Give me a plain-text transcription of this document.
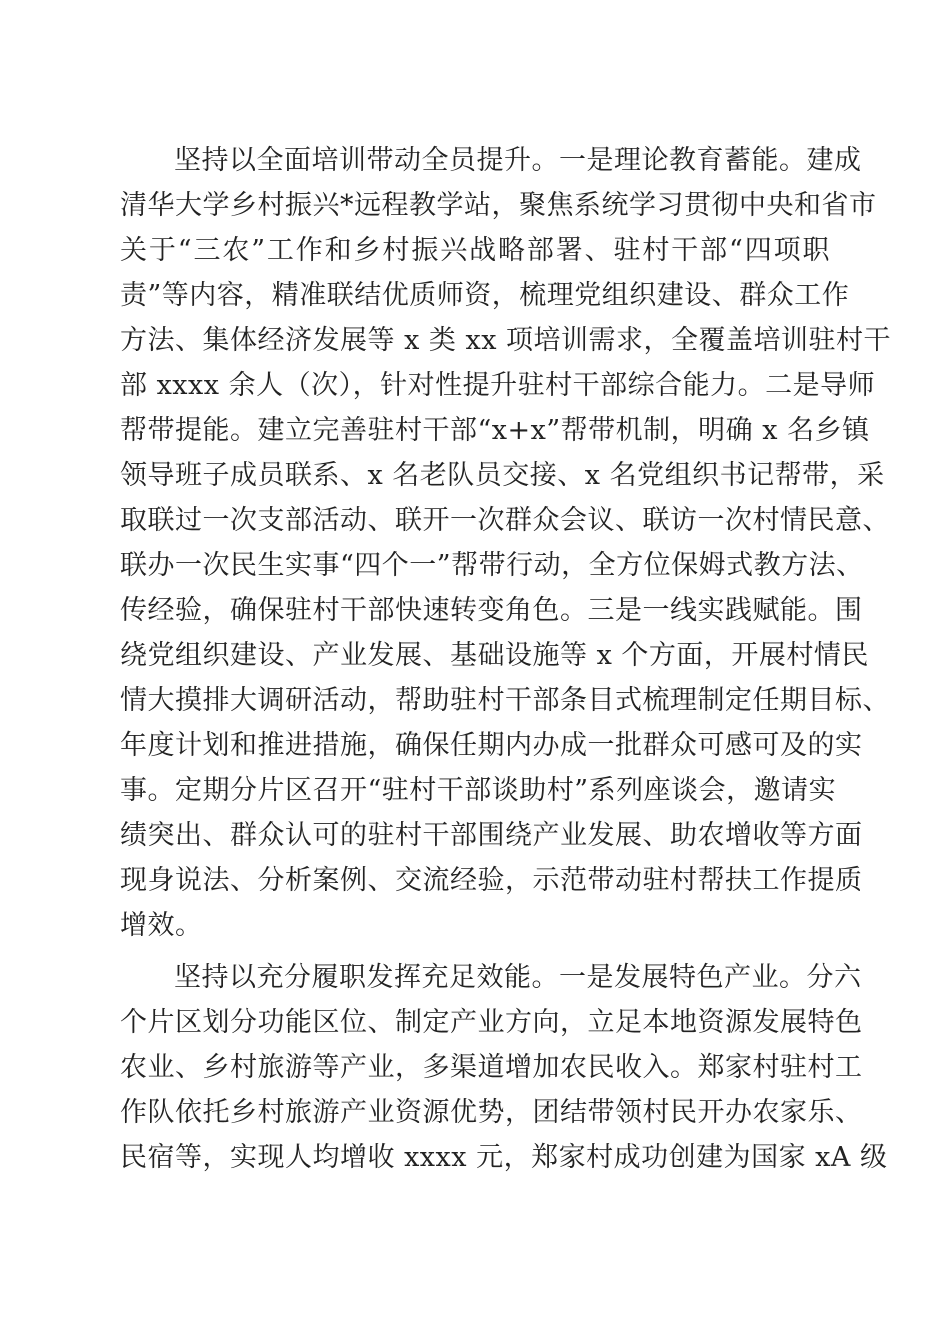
坚持以全面培训带动全员提升。一是理论教育蓄能。建成
清华大学乡村振兴*远程教学站，聚焦系统学习贯彻中央和省市
关于“三农”工作和乡村振兴战略部署、驻村干部“四项职
责”等内容，精准联结优质师资，梳理党组织建设、群众工作
方法、集体经济发展等 x 类 xx 项培训需求，全覆盖培训驻村干
部 xxxx 余人（次），针对性提升驻村干部综合能力。二是导师
帮带提能。建立完善驻村干部“x+x”帮带机制，明确 x 名乡镇
领导班子成员联系、x 名老队员交接、x 名党组织书记帮带，采
取联过一次支部活动、联开一次群众会议、联访一次村情民意、
联办一次民生实事“四个一”帮带行动，全方位保姆式教方法、
传经验，确保驻村干部快速转变角色。三是一线实践赋能。围
绕党组织建设、产业发展、基础设施等 x 个方面，开展村情民
情大摸排大调研活动，帮助驻村干部条目式梳理制定任期目标、
年度计划和推进措施，确保任期内办成一批群众可感可及的实
事。定期分片区召开“驻村干部谈助村”系列座谈会，邀请实
绩突出、群众认可的驻村干部围绕产业发展、助农增收等方面
现身说法、分析案例、交流经验，示范带动驻村帮扶工作提质
增效。
坚持以充分履职发挥充足效能。一是发展特色产业。分六
个片区划分功能区位、制定产业方向，立足本地资源发展特色
农业、乡村旅游等产业，多渠道增加农民收入。郑家村驻村工
作队依托乡村旅游产业资源优势，团结带领村民开办农家乐、
民宿等，实现人均增收 xxxx 元，郑家村成功创建为国家 xA 级
